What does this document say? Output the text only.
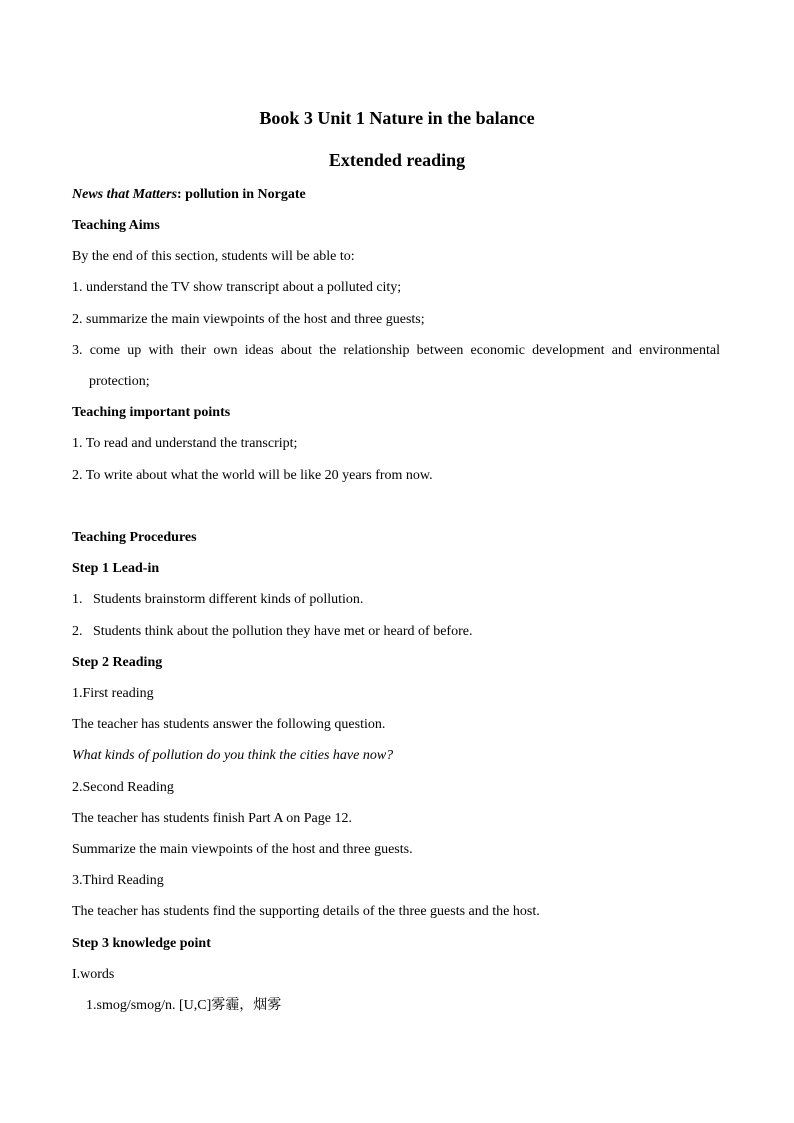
Book 3 Unit 1 Nature in the balance
Extended reading

News that Matters: pollution in Norgate

Teaching Aims

By the end of this section, students will be able to:

1. understand the TV show transcript about a polluted city;

2. summarize the main viewpoints of the host and three guests;

3. come up with their own ideas about the relationship between economic development and environmental

protection;

Teaching important points

1. To read and understand the transcript;

2. To write about what the world will be like 20 years from now.

Teaching Procedures

Step 1 Lead-in

1.   Students brainstorm different kinds of pollution.

2.   Students think about the pollution they have met or heard of before.

Step 2 Reading

1.First reading

The teacher has students answer the following question.

What kinds of pollution do you think the cities have now?

2.Second Reading

The teacher has students finish Part A on Page 12.

Summarize the main viewpoints of the host and three guests.

3.Third Reading

The teacher has students find the supporting details of the three guests and the host.

Step 3 knowledge point

I.words

1.smog/smog/n. [U,C]雾霾，烟雾
